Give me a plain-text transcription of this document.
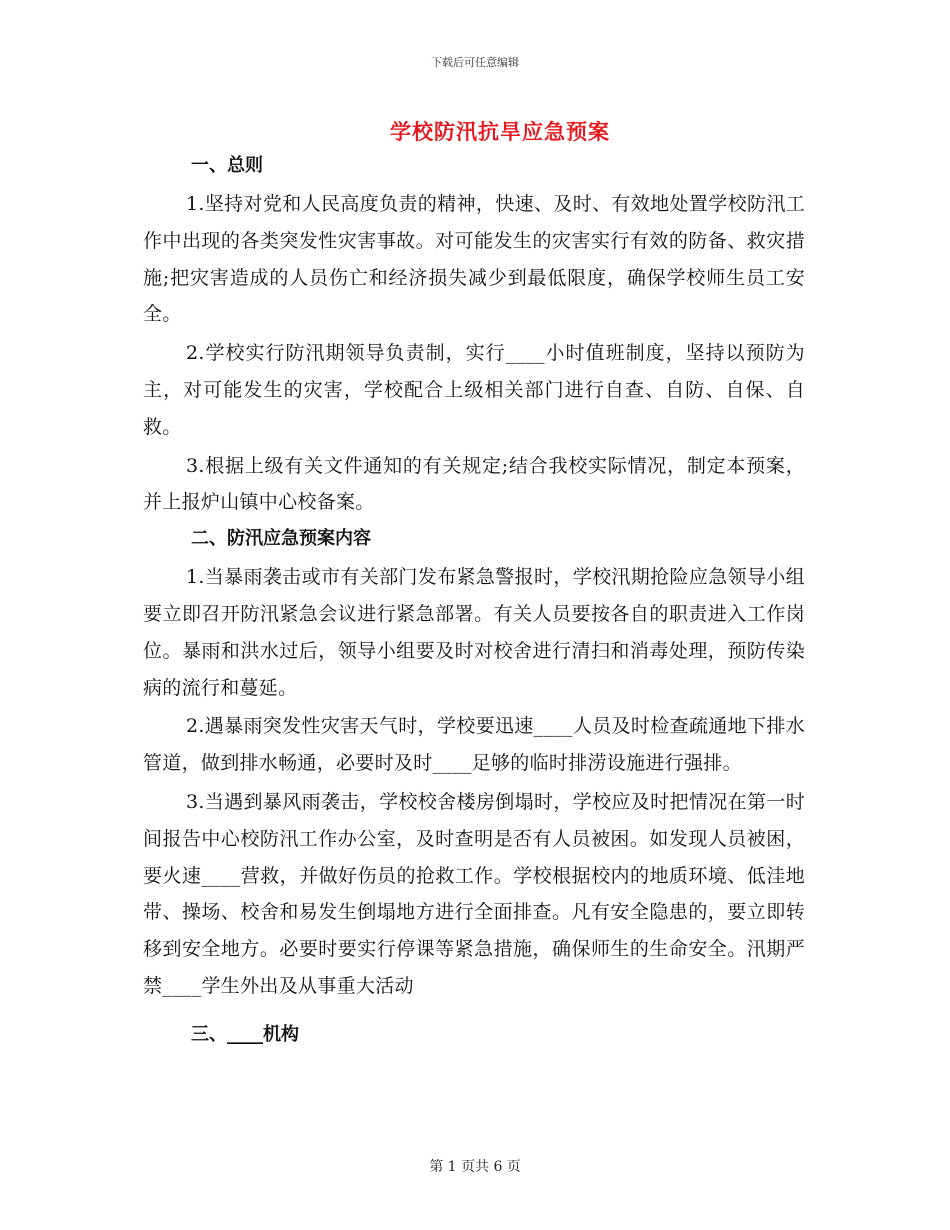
下载后可任意编辑
学校防汛抗旱应急预案
一、总则

1.坚持对党和人民高度负责的精神，快速、及时、有效地处置学校防汛工作中出现的各类突发性灾害事故。对可能发生的灾害实行有效的防备、救灾措施;把灾害造成的人员伤亡和经济损失减少到最低限度，确保学校师生员工安全。

2.学校实行防汛期领导负责制，实行____小时值班制度，坚持以预防为主，对可能发生的灾害，学校配合上级相关部门进行自查、自防、自保、自救。

3.根据上级有关文件通知的有关规定;结合我校实际情况，制定本预案，并上报炉山镇中心校备案。

二、防汛应急预案内容

1.当暴雨袭击或市有关部门发布紧急警报时，学校汛期抢险应急领导小组要立即召开防汛紧急会议进行紧急部署。有关人员要按各自的职责进入工作岗位。暴雨和洪水过后，领导小组要及时对校舍进行清扫和消毒处理，预防传染病的流行和蔓延。

2.遇暴雨突发性灾害天气时，学校要迅速____人员及时检查疏通地下排水管道，做到排水畅通，必要时及时____足够的临时排涝设施进行强排。

3.当遇到暴风雨袭击，学校校舍楼房倒塌时，学校应及时把情况在第一时间报告中心校防汛工作办公室，及时查明是否有人员被困。如发现人员被困，要火速____营救，并做好伤员的抢救工作。学校根据校内的地质环境、低洼地带、操场、校舍和易发生倒塌地方进行全面排查。凡有安全隐患的，要立即转移到安全地方。必要时要实行停课等紧急措施，确保师生的生命安全。汛期严禁____学生外出及从事重大活动

三、____机构
第 1 页共 6 页
